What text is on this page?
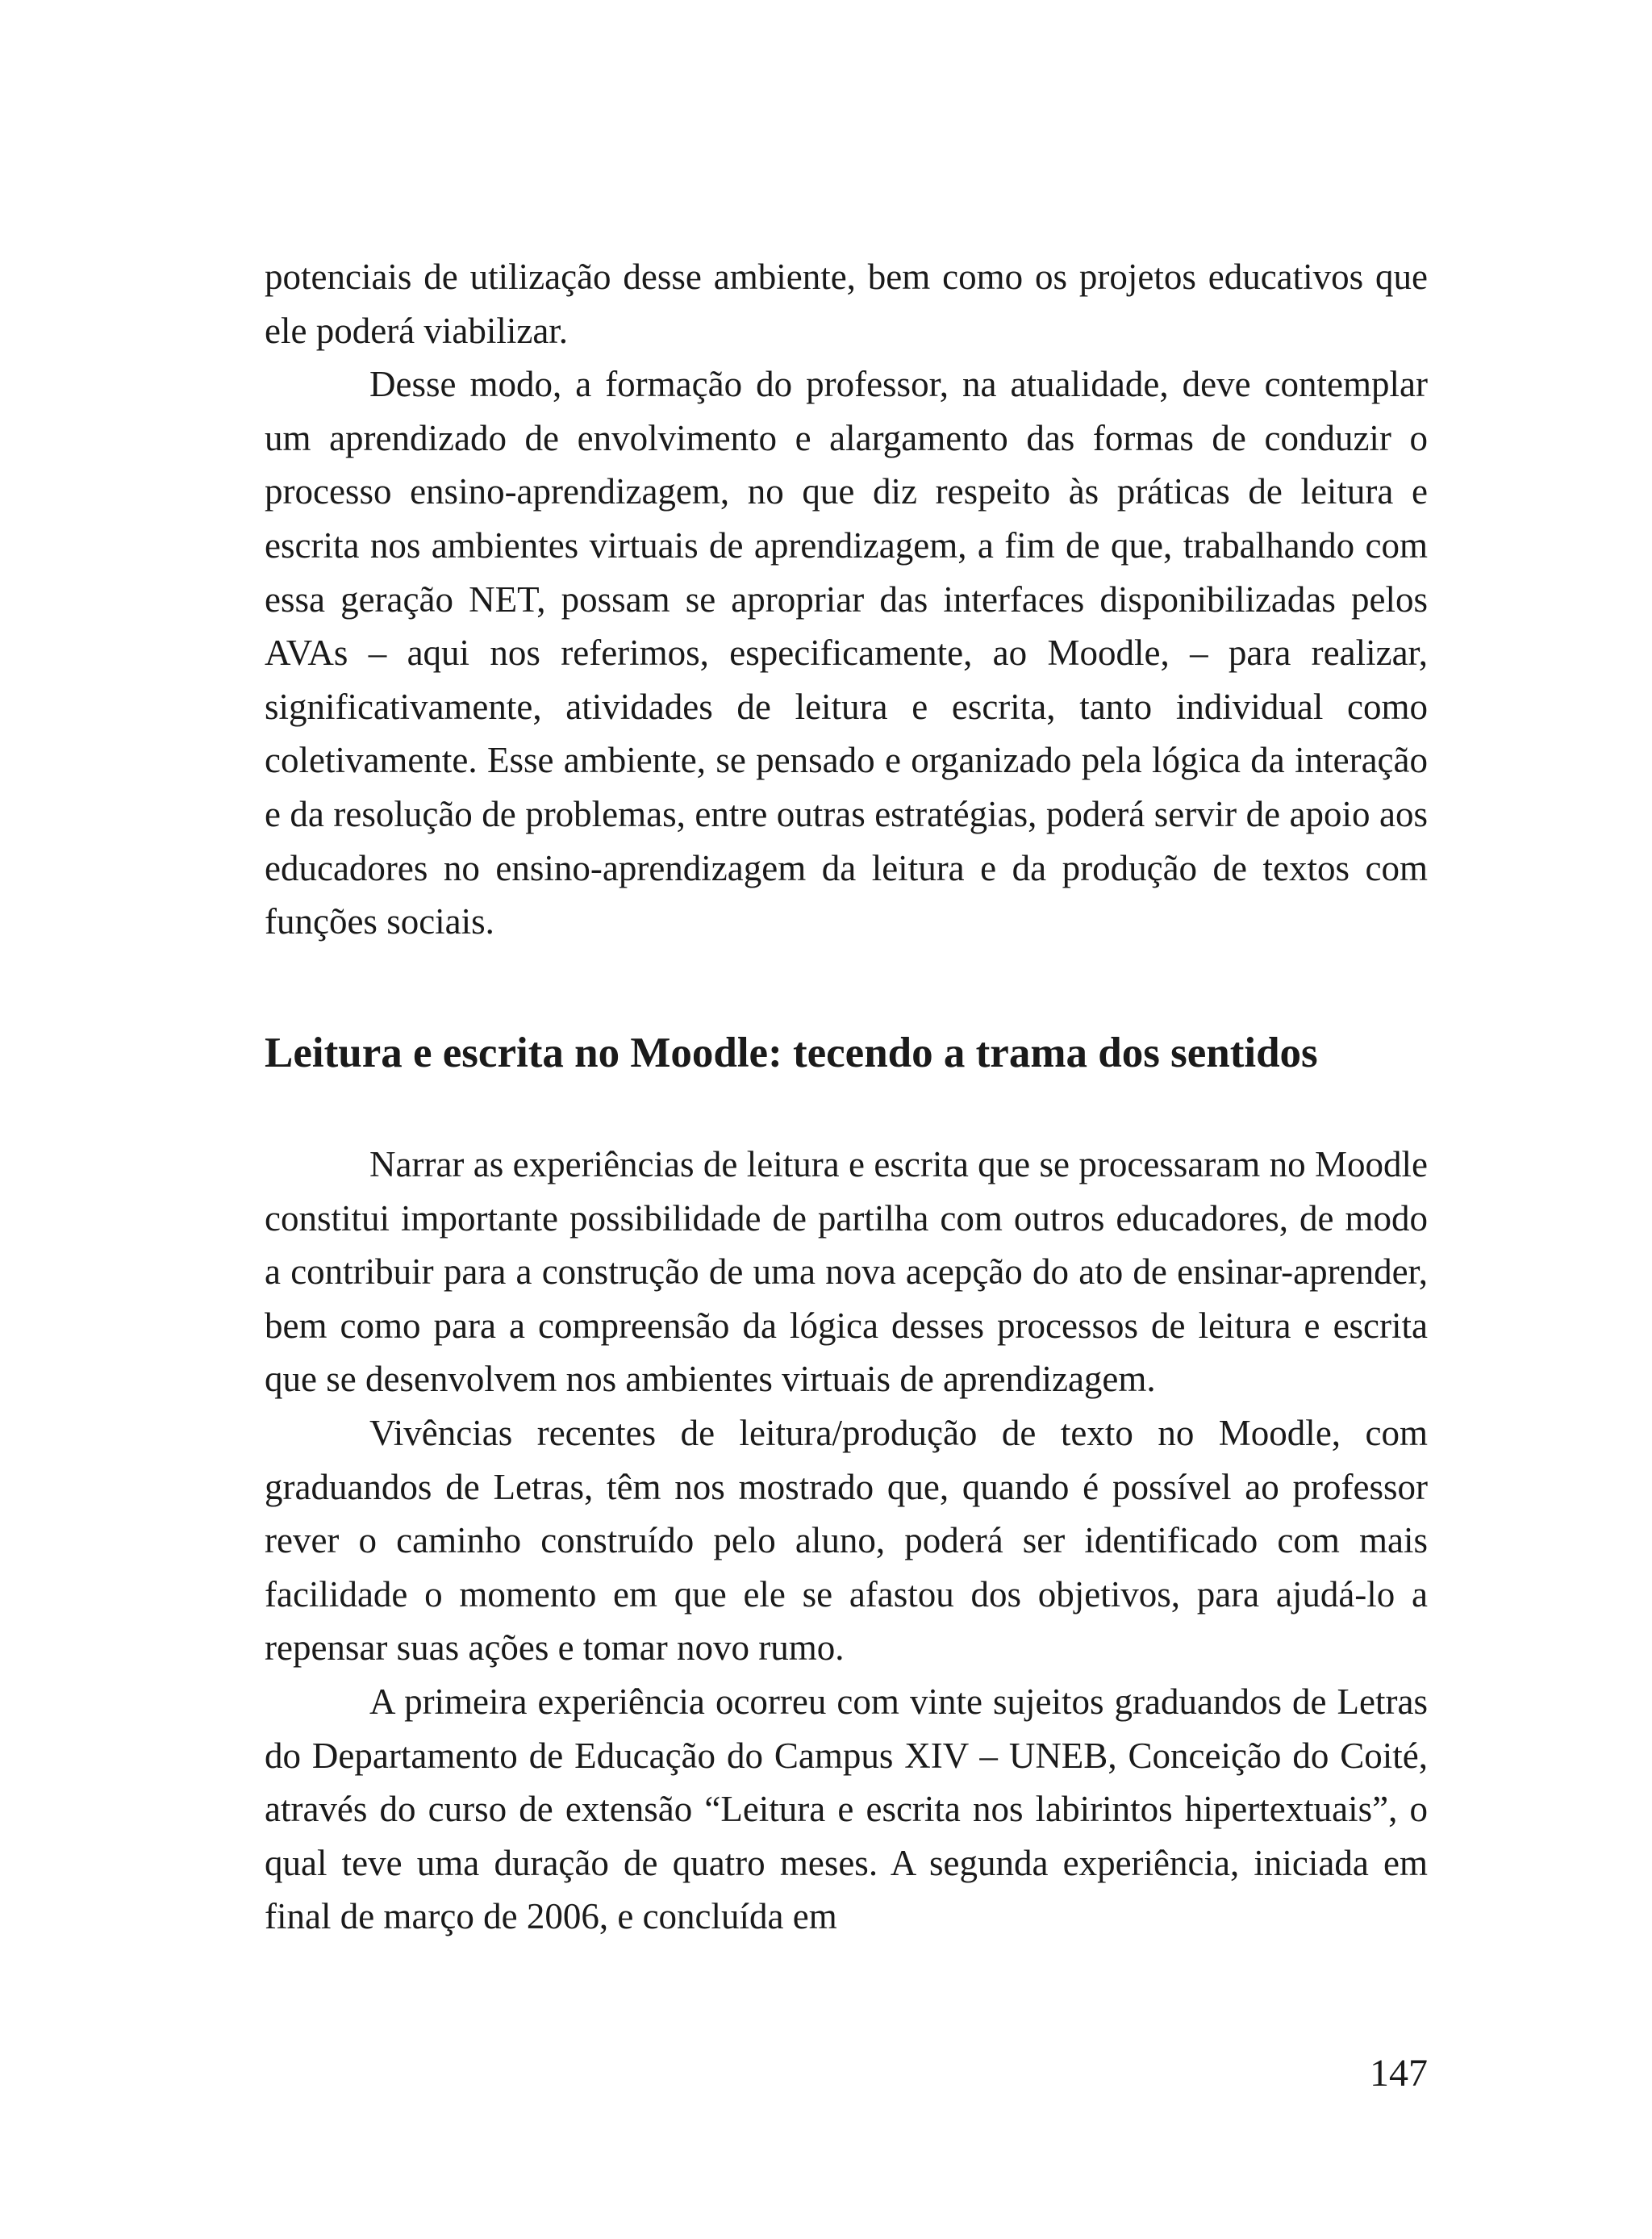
potenciais de utilização desse ambiente, bem como os projetos educativos que ele poderá viabilizar.

Desse modo, a formação do professor, na atualidade, deve contemplar um aprendizado de envolvimento e alargamento das formas de conduzir o processo ensino-aprendizagem, no que diz respeito às práticas de leitura e escrita nos ambientes virtuais de aprendizagem, a fim de que, trabalhando com essa geração NET, possam se apropriar das interfaces disponibilizadas pelos AVAs – aqui nos referimos, especificamente, ao Moodle, – para realizar, significativamente, atividades de leitura e escrita, tanto individual como coletivamente. Esse ambiente, se pensado e organizado pela lógica da interação e da resolução de problemas, entre outras estratégias, poderá servir de apoio aos educadores no ensino-aprendizagem da leitura e da produção de textos com funções sociais.

Leitura e escrita no Moodle: tecendo a trama dos sentidos

Narrar as experiências de leitura e escrita que se processaram no Moodle constitui importante possibilidade de partilha com outros educadores, de modo a contribuir para a construção de uma nova acepção do ato de ensinar-aprender, bem como para a compreensão da lógica desses processos de leitura e escrita que se desenvolvem nos ambientes virtuais de aprendizagem.

Vivências recentes de leitura/produção de texto no Moodle, com graduandos de Letras, têm nos mostrado que, quando é possível ao professor rever o caminho construído pelo aluno, poderá ser identificado com mais facilidade o momento em que ele se afastou dos objetivos, para ajudá-lo a repensar suas ações e tomar novo rumo.

A primeira experiência ocorreu com vinte sujeitos graduandos de Letras do Departamento de Educação do Campus XIV – UNEB, Conceição do Coité, através do curso de extensão “Leitura e escrita nos labirintos hipertextuais”, o qual teve uma duração de quatro meses. A segunda experiência, iniciada em final de março de 2006, e concluída em

147
